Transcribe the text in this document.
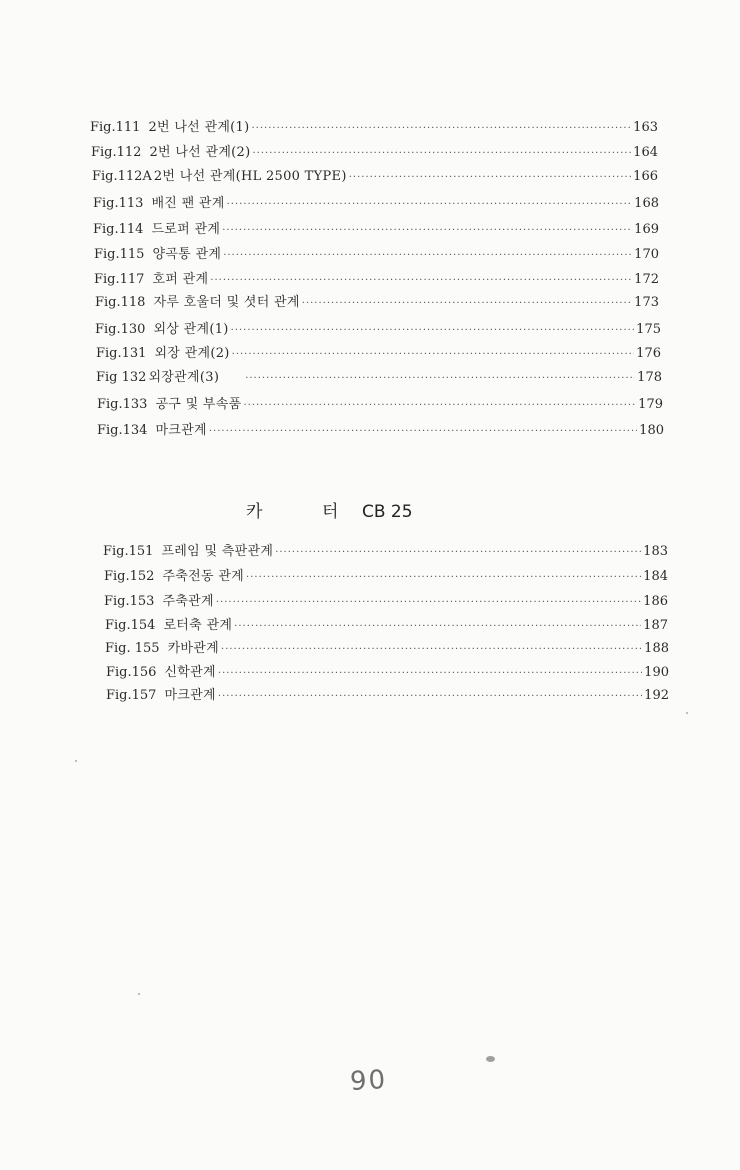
Fig.111 2번 나선 관계(1) ·····	163
Fig.112 2번 나선 관계(2) ·····	164
Fig.112A 2번 나선 관계(HL 2500 TYPE) ·····	166
Fig.113 배진 팬 관계 ·····	168
Fig.114 드로퍼 관계 ·····	169
Fig.115 양곡통 관계 ·····	170
Fig.117 호퍼 관계 ·····	172
Fig.118 자루 호울더 및 셧터 관계 ·····	173
Fig.130 외상 관계(1) ·····	175
Fig.131 외장 관계(2) ·····	176
Fig 132 외장관계(3) ·····	178
Fig.133 공구 및 부속품 ·····	179
Fig.134 마크관계 ·····	180
카	터 CB 25
Fig.151 프레임 및 측판관계 ·····	183
Fig.152 주축전동 관계 ·····	184
Fig.153 주축관계 ·····	186
Fig.154 로터축 관계 ·····	187
Fig. 155 카바관계 ·····	188
Fig.156 신학관계 ·····	190
Fig.157 마크관계 ·····	192
90
